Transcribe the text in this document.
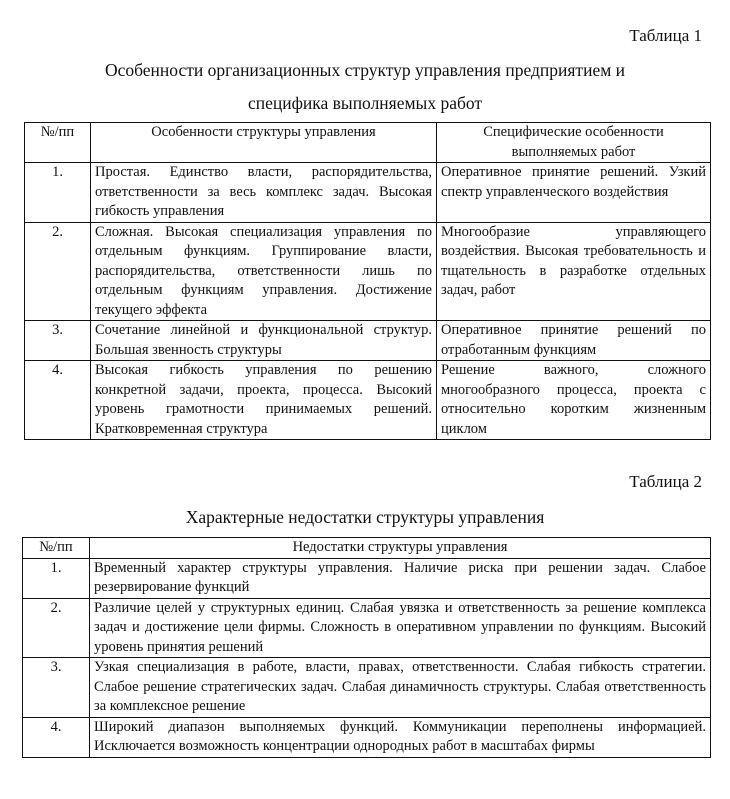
Таблица 1
Особенности организационных структур управления предприятием и
специфика выполняемых работ
№/пп	Особенности структуры управления	Специфические особенности выполняемых работ
1.	Простая. Единство власти, распорядительства, ответственности за весь комплекс задач. Высокая гибкость управления	Оперативное принятие решений. Узкий спектр управленческого воздействия
2.	Сложная. Высокая специализация управления по отдельным функциям. Группирование власти, распорядительства, ответственности лишь по отдельным функциям управления. Достижение текущего эффекта	Многообразие управляющего воздействия. Высокая требовательность и тщательность в разработке отдельных задач, работ
3.	Сочетание линейной и функциональной структур. Большая звенность структуры	Оперативное принятие решений по отработанным функциям
4.	Высокая гибкость управления по решению конкретной задачи, проекта, процесса. Высокий уровень грамотности принимаемых решений. Кратковременная структура	Решение важного, сложного многообразного процесса, проекта с относительно коротким жизненным циклом
Таблица 2
Характерные недостатки структуры управления
№/пп	Недостатки структуры управления
1.	Временный характер структуры управления. Наличие риска при решении задач. Слабое резервирование функций
2.	Различие целей у структурных единиц. Слабая увязка и ответственность за решение комплекса задач и достижение цели фирмы. Сложность в оперативном управлении по функциям. Высокий уровень принятия решений
3.	Узкая специализация в работе, власти, правах, ответственности. Слабая гибкость стратегии. Слабое решение стратегических задач. Слабая динамичность структуры. Слабая ответственность за комплексное решение
4.	Широкий диапазон выполняемых функций. Коммуникации переполнены информацией. Исключается возможность концентрации однородных работ в масштабах фирмы
